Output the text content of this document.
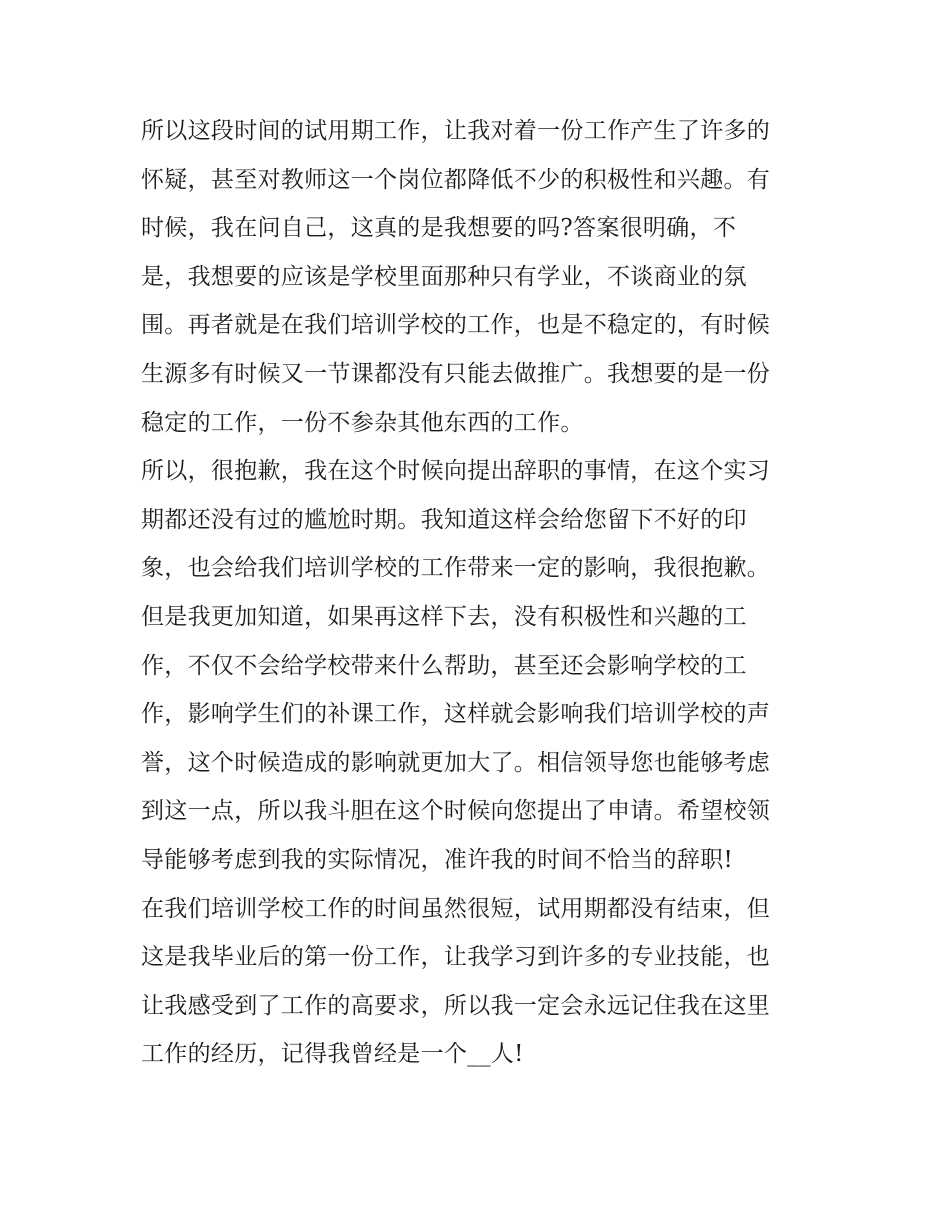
所以这段时间的试用期工作，让我对着一份工作产生了许多的
怀疑，甚至对教师这一个岗位都降低不少的积极性和兴趣。有
时候，我在问自己，这真的是我想要的吗?答案很明确，不
是，我想要的应该是学校里面那种只有学业，不谈商业的氛
围。再者就是在我们培训学校的工作，也是不稳定的，有时候
生源多有时候又一节课都没有只能去做推广。我想要的是一份
稳定的工作，一份不参杂其他东西的工作。
所以，很抱歉，我在这个时候向提出辞职的事情，在这个实习
期都还没有过的尴尬时期。我知道这样会给您留下不好的印
象，也会给我们培训学校的工作带来一定的影响，我很抱歉。
但是我更加知道，如果再这样下去，没有积极性和兴趣的工
作，不仅不会给学校带来什么帮助，甚至还会影响学校的工
作，影响学生们的补课工作，这样就会影响我们培训学校的声
誉，这个时候造成的影响就更加大了。相信领导您也能够考虑
到这一点，所以我斗胆在这个时候向您提出了申请。希望校领
导能够考虑到我的实际情况，准许我的时间不恰当的辞职!
在我们培训学校工作的时间虽然很短，试用期都没有结束，但
这是我毕业后的第一份工作，让我学习到许多的专业技能，也
让我感受到了工作的高要求，所以我一定会永远记住我在这里
工作的经历，记得我曾经是一个__人!
